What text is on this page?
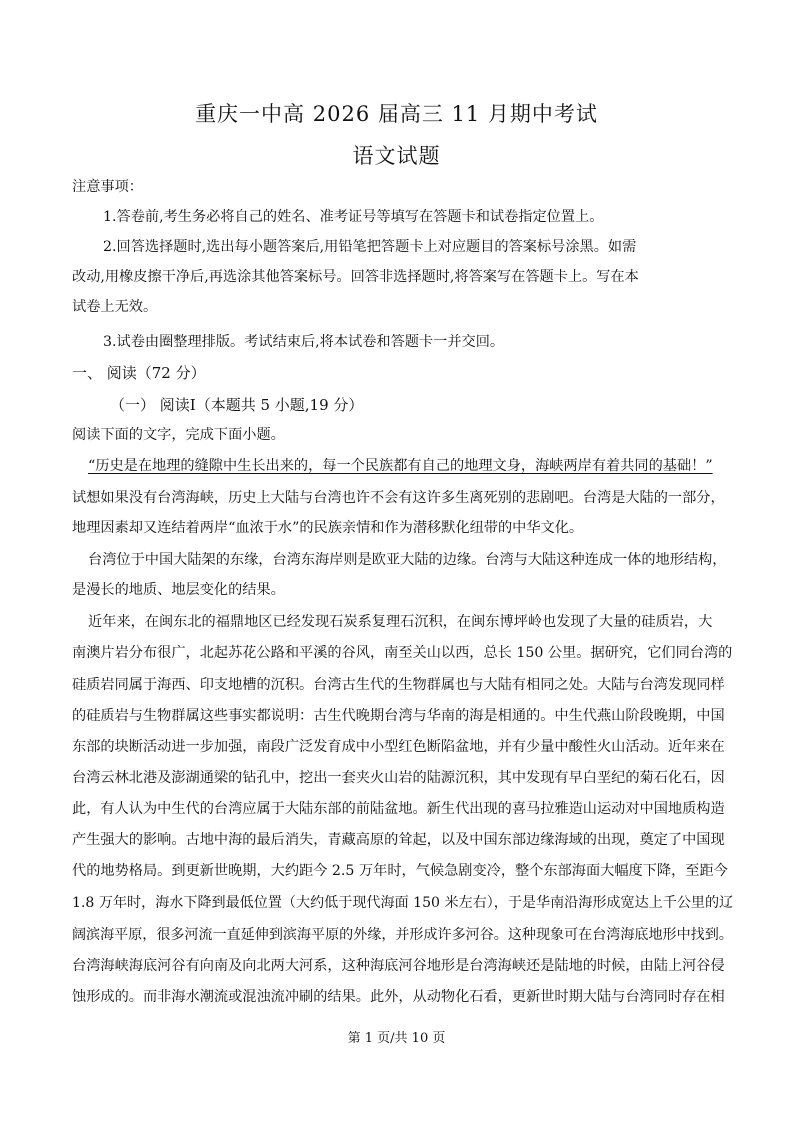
重庆一中高 2026 届高三 11 月期中考试
语文试题
注意事项：
1.答卷前,考生务必将自己的姓名、准考证号等填写在答题卡和试卷指定位置上。
2.回答选择题时,选出每小题答案后,用铅笔把答题卡上对应题目的答案标号涂黑。如需
改动,用橡皮擦干净后,再选涂其他答案标号。回答非选择题时,将答案写在答题卡上。写在本
试卷上无效。
3.试卷由圈整理排版。考试结束后,将本试卷和答题卡一并交回。
一、 阅读（72 分）
（一） 阅读Ⅰ（本题共 5 小题,19 分）
阅读下面的文字，完成下面小题。
“历史是在地理的缝隙中生长出来的，每一个民族都有自己的地理文身，海峡两岸有着共同的基础！”
试想如果没有台湾海峡，历史上大陆与台湾也许不会有这许多生离死别的悲剧吧。台湾是大陆的一部分，
地理因素却又连结着两岸“血浓于水”的民族亲情和作为潜移默化纽带的中华文化。
台湾位于中国大陆架的东缘，台湾东海岸则是欧亚大陆的边缘。台湾与大陆这种连成一体的地形结构，
是漫长的地质、地层变化的结果。
近年来，在闽东北的福鼎地区已经发现石炭系复理石沉积，在闽东博坪岭也发现了大量的硅质岩，大
南澳片岩分布很广，北起苏花公路和平溪的谷风，南至关山以西，总长 150 公里。据研究，它们同台湾的
硅质岩同属于海西、印支地槽的沉积。台湾古生代的生物群属也与大陆有相同之处。大陆与台湾发现同样
的硅质岩与生物群属这些事实都说明：古生代晚期台湾与华南的海是相通的。中生代燕山阶段晚期，中国
东部的块断活动进一步加强，南段广泛发育成中小型红色断陷盆地，并有少量中酸性火山活动。近年来在
台湾云林北港及澎湖通梁的钻孔中，挖出一套夹火山岩的陆源沉积，其中发现有早白垩纪的菊石化石，因
此，有人认为中生代的台湾应属于大陆东部的前陆盆地。新生代出现的喜马拉雅造山运动对中国地质构造
产生强大的影响。古地中海的最后消失，青藏高原的耸起，以及中国东部边缘海域的出现，奠定了中国现
代的地势格局。到更新世晚期，大约距今 2.5 万年时，气候急剧变冷，整个东部海面大幅度下降，至距今
1.8 万年时，海水下降到最低位置（大约低于现代海面 150 米左右），于是华南沿海形成宽达上千公里的辽
阔滨海平原，很多河流一直延伸到滨海平原的外缘，并形成许多河谷。这种现象可在台湾海底地形中找到。
台湾海峡海底河谷有向南及向北两大河系，这种海底河谷地形是台湾海峡还是陆地的时候，由陆上河谷侵
蚀形成的。而非海水潮流或混浊流冲刷的结果。此外，从动物化石看，更新世时期大陆与台湾同时存在相
第 1 页/共 10 页
